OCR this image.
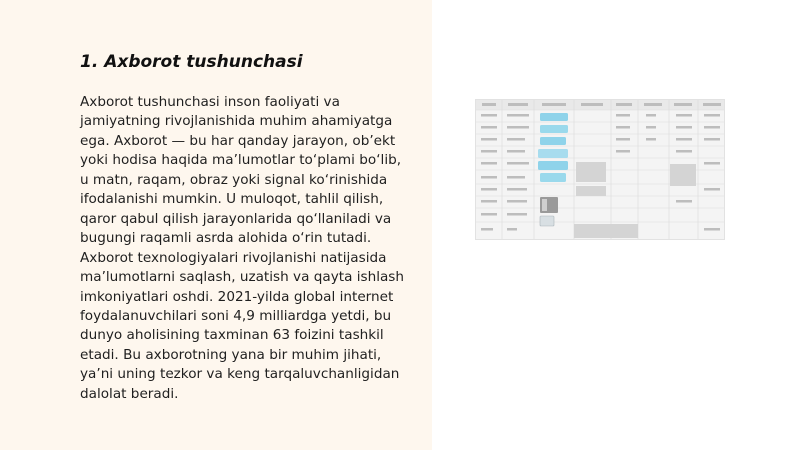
1. Axborot tushunchasi

Axborot tushunchasi inson faoliyati va jamiyatning rivojlanishida muhim ahamiyatga ega. Axborot — bu har qanday jarayon, ob’ekt yoki hodisa haqida ma’lumotlar to‘plami bo‘lib, u matn, raqam, obraz yoki signal ko‘rinishida ifodalanishi mumkin. U muloqot, tahlil qilish, qaror qabul qilish jarayonlarida qo‘llaniladi va bugungi raqamli asrda alohida o‘rin tutadi. Axborot texnologiyalari rivojlanishi natijasida ma’lumotlarni saqlash, uzatish va qayta ishlash imkoniyatlari oshdi. 2021-yilda global internet foydalanuvchilari soni 4,9 milliardga yetdi, bu dunyo aholisining taxminan 63 foizini tashkil etadi. Bu axborotning yana bir muhim jihati, ya’ni uning tezkor va keng tarqaluvchanligidan dalolat beradi.
